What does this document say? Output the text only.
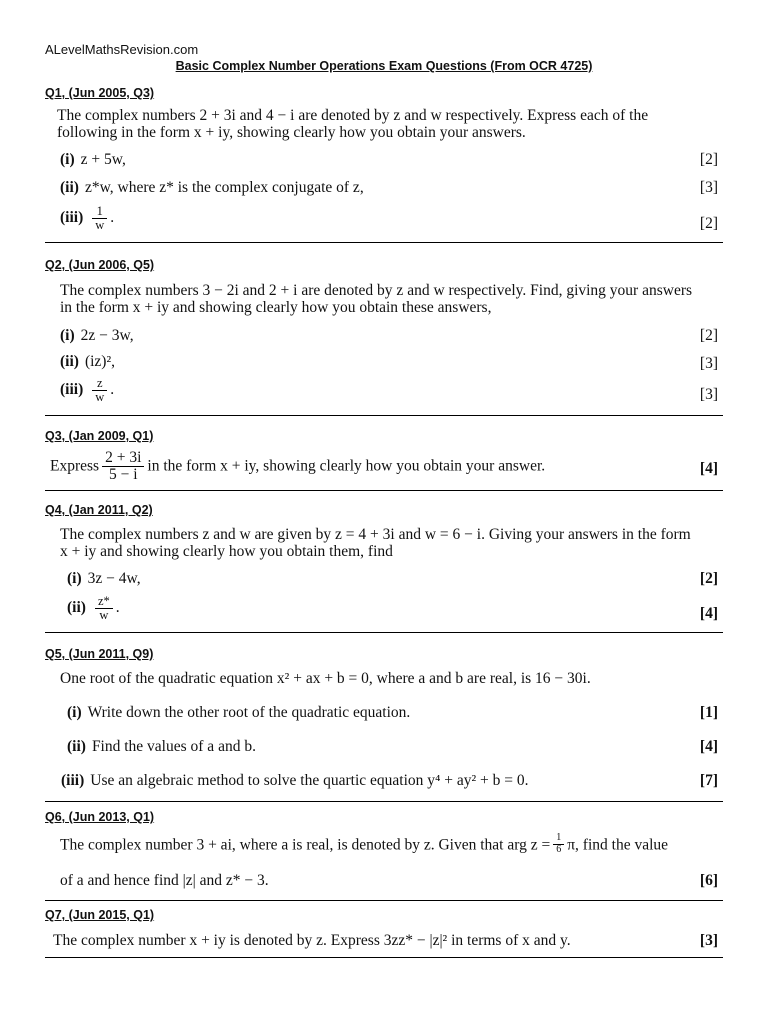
ALevelMathsRevision.com
Basic Complex Number Operations Exam Questions (From OCR 4725)
Q1, (Jun 2005, Q3)
The complex numbers 2 + 3i and 4 − i are denoted by z and w respectively. Express each of the
following in the form x + iy, showing clearly how you obtain your answers.
(i) z + 5w,	[2]
(ii) z*w, where z* is the complex conjugate of z,	[3]
$(iii) \frac{1}{w}$ .	[2]
Q2, (Jun 2006, Q5)
The complex numbers 3 − 2i and 2 + i are denoted by z and w respectively. Find, giving your answers
in the form x + iy and showing clearly how you obtain these answers,
(i) 2z − 3w,	[2]
(ii) (iz)²,	[3]
$(iii) \frac{z}{w}$ .	[3]
Q3, (Jan 2009, Q1)
Express $\frac{2 + 3i}{5 - i}$ in the form x + iy, showing clearly how you obtain your answer.	[4]
Q4, (Jan 2011, Q2)
The complex numbers z and w are given by z = 4 + 3i and w = 6 − i. Giving your answers in the form
x + iy and showing clearly how you obtain them, find
(i) 3z − 4w,	[2]
$(ii) \frac{z*}{w}$ .	[4]
Q5, (Jun 2011, Q9)
One root of the quadratic equation x² + ax + b = 0, where a and b are real, is 16 − 30i.
(i) Write down the other root of the quadratic equation.	[1]
(ii) Find the values of a and b.	[4]
(iii) Use an algebraic method to solve the quartic equation y⁴ + ay² + b = 0.	[7]
Q6, (Jun 2013, Q1)
The complex number 3 + ai, where a is real, is denoted by z. Given that arg $z = \frac{1}{6} \pi$, find the value
of a and hence find |z| and z* − 3.	[6]
Q7, (Jun 2015, Q1)
The complex number x + iy is denoted by z. Express 3zz* − |z|² in terms of x and y.	[3]
